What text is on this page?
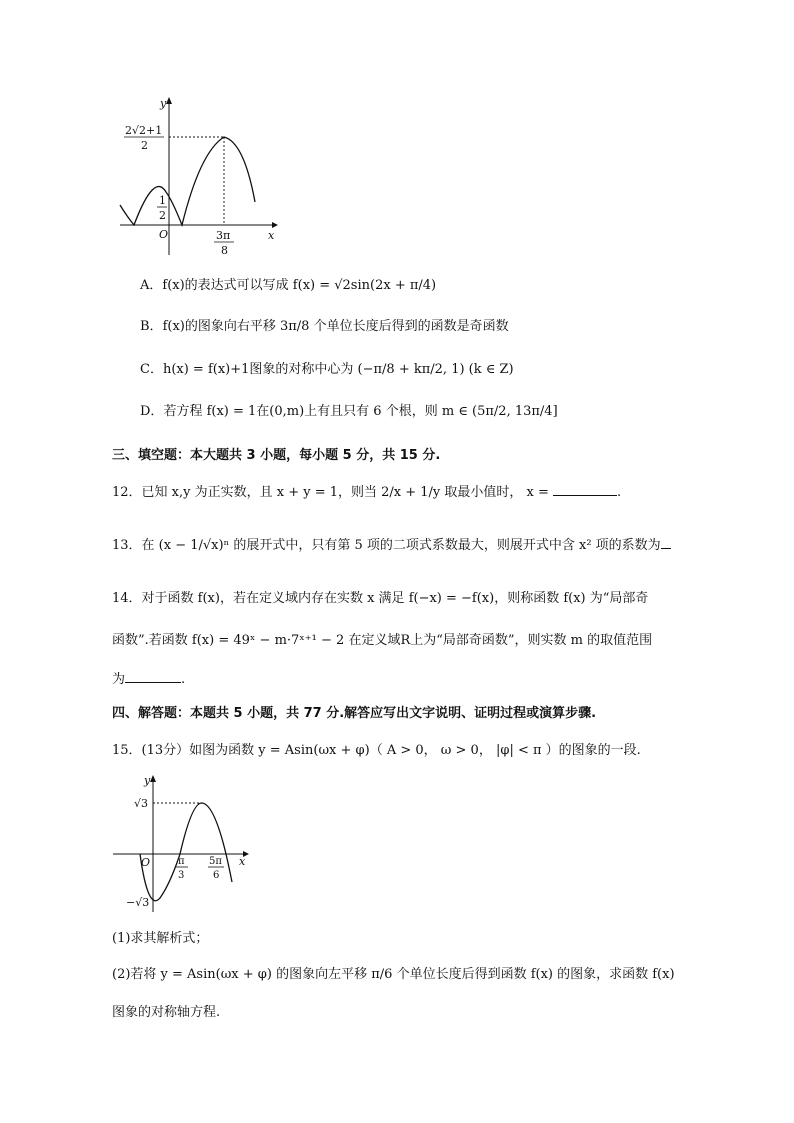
y
x
O
2√2+1
2
1
2
3π
8
A．f(x)的表达式可以写成 f(x) = √2sin(2x + π/4)
B．f(x)的图象向右平移 3π/8 个单位长度后得到的函数是奇函数
C．h(x) = f(x)+1图象的对称中心为 (−π/8 + kπ/2, 1) (k ∈ Z)
D．若方程 f(x) = 1在(0,m)上有且只有 6 个根，则 m ∈ (5π/2, 13π/4]
三、填空题：本大题共 3 小题，每小题 5 分，共 15 分.
12．已知 x,y 为正实数，且 x + y = 1，则当 2/x + 1/y 取最小值时， x =	.
13．在 (x − 1/√x)ⁿ 的展开式中，只有第 5 项的二项式系数最大，则展开式中含 x² 项的系数为
14．对于函数 f(x)，若在定义域内存在实数 x 满足 f(−x) = −f(x)，则称函数 f(x) 为“局部奇
函数”.若函数 f(x) = 49ˣ − m·7ˣ⁺¹ − 2 在定义域R上为“局部奇函数”，则实数 m 的取值范围
为	.
四、解答题：本题共 5 小题，共 77 分.解答应写出文字说明、证明过程或演算步骤.
15．(13分）如图为函数 y = Asin(ωx + φ)（ A > 0， ω > 0， |φ| < π ）的图象的一段.
y
x
O
√3
−√3
π
3
5π
6
(1)求其解析式；
(2)若将 y = Asin(ωx + φ) 的图象向左平移 π/6 个单位长度后得到函数 f(x) 的图象，求函数 f(x)
图象的对称轴方程.
